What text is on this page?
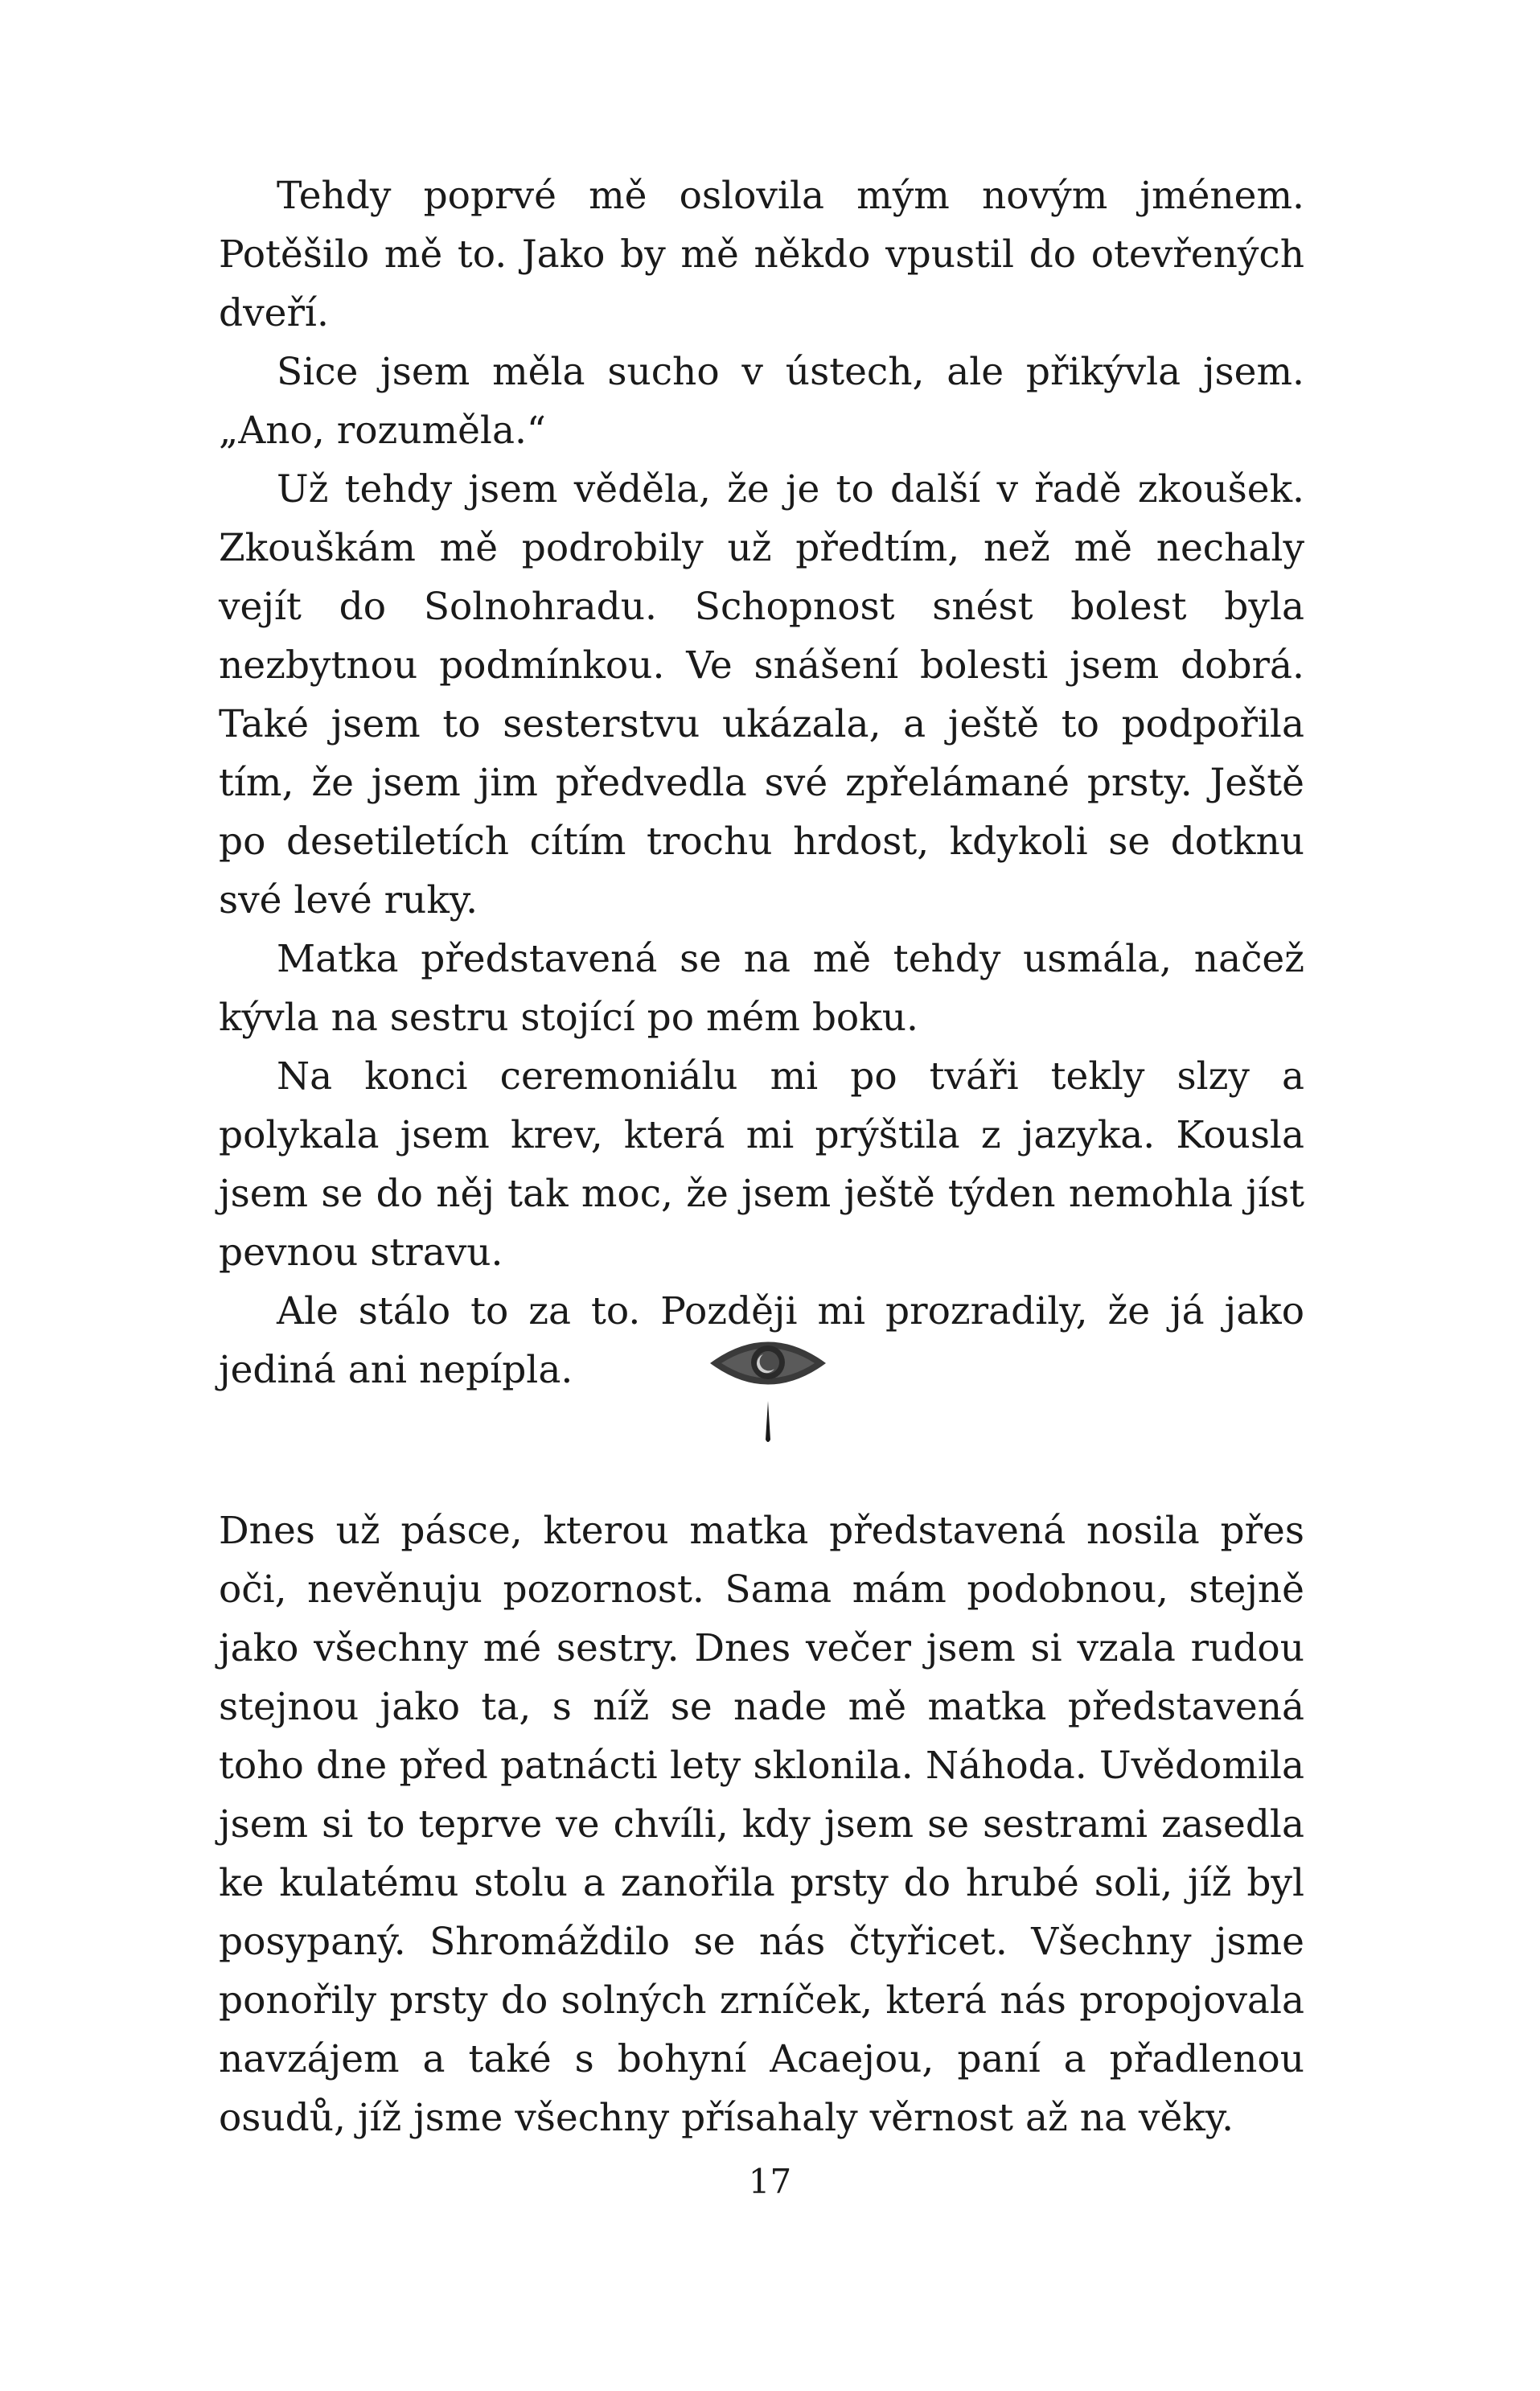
Tehdy poprvé mě oslovila mým novým jménem. Potěšilo mě to. Jako by mě někdo vpustil do otevřených dveří.

Sice jsem měla sucho v ústech, ale přikývla jsem. „Ano, rozuměla.“

Už tehdy jsem věděla, že je to další v řadě zkoušek. Zkouškám mě podrobily už předtím, než mě nechaly vejít do Solnohradu. Schopnost snést bolest byla nezbytnou podmínkou. Ve snášení bolesti jsem dobrá. Také jsem to sesterstvu ukázala, a ještě to podpořila tím, že jsem jim předvedla své zpřelámané prsty. Ještě po desetiletích cítím trochu hrdost, kdykoli se dotknu své levé ruky.

Matka představená se na mě tehdy usmála, načež kývla na sestru stojící po mém boku.

Na konci ceremoniálu mi po tváři tekly slzy a polykala jsem krev, která mi prýštila z jazyka. Kousla jsem se do něj tak moc, že jsem ještě týden nemohla jíst pevnou stravu.

Ale stálo to za to. Později mi prozradily, že já jako jediná ani nepípla.

Dnes už pásce, kterou matka představená nosila přes oči, nevěnuju pozornost. Sama mám podobnou, stejně jako všechny mé sestry. Dnes večer jsem si vzala rudou stejnou jako ta, s níž se nade mě matka představená toho dne před patnácti lety sklonila. Náhoda. Uvědomila jsem si to teprve ve chvíli, kdy jsem se sestrami zasedla ke kulatému stolu a zanořila prsty do hrubé soli, jíž byl posypaný. Shromáždilo se nás čtyřicet. Všechny jsme ponořily prsty do solných zrníček, která nás propojovala navzájem a také s bohyní Acaejou, paní a přadlenou osudů, jíž jsme všechny přísahaly věrnost až na věky.

17
